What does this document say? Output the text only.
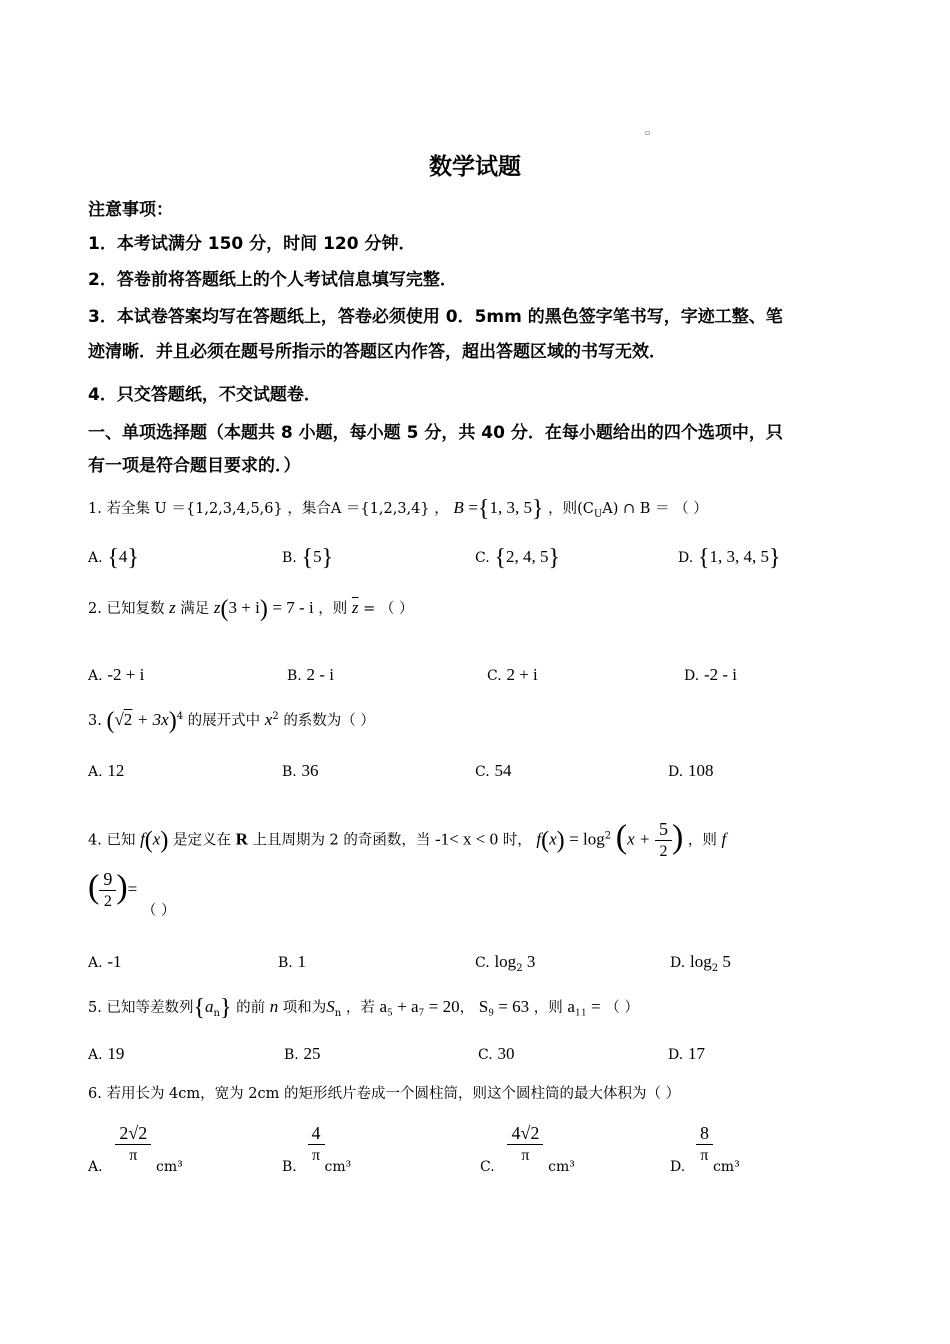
▫
数学试题
注意事项：
1．本考试满分 150 分，时间 120 分钟．
2．答卷前将答题纸上的个人考试信息填写完整．
3．本试卷答案均写在答题纸上，答卷必须使用 0．5mm 的黑色签字笔书写，字迹工整、笔
迹清晰．并且必须在题号所指示的答题区内作答，超出答题区域的书写无效．
4．只交答题纸，不交试题卷．
一、单项选择题（本题共 8 小题，每小题 5 分，共 40 分．在每小题给出的四个选项中，只
有一项是符合题目要求的．）
1. 若全集 U ＝{1,2,3,4,5,6} ，集合A ＝{1,2,3,4} ， B ={1, 3, 5} ，则$(C_UA)$ ∩ B ＝ （ ）
A. {4}	B. {5}	C. {2, 4, 5}	D. {1, 3, 4, 5}
2. 已知复数 z 满足 z(3 + i) = 7 - i ，则 $\overline{z}$ = （ ）
A. -2 + i	B. 2 - i	C. 2 + i	D. -2 - i
3. $(√2 + 3x)^4$ 的展开式中 $x^2$ 的系数为（ ）
A. 12	B. 36	C. 54	D. 108
4. 已知 f(x) 是定义在 R 上且周期为 2 的奇函数，当 -1< x < 0 时， $f(x) = \log^2 (x + \frac{5}{2}$ ) ，则 f
( $\frac{9}{2}$ )= （ ）
A. -1	B. 1	C. $\log_2 3$	D. $\log_2 5$
5. 已知等差数列$\{a_n\}$ 的前 n 项和为$S_n$ ，若 a₅ + a₇ = 20， S₉ = 63 ，则 a₁₁ = （ ）
A. 19	B. 25	C. 30	D. 17
6. 若用长为 4cm，宽为 2cm 的矩形纸片卷成一个圆柱筒，则这个圆柱筒的最大体积为（ ）
A. $\frac{2√2}{\pi} cm^3$	B. $\frac{4}{\pi} cm^3$	C. $\frac{4√2}{\pi} cm^3$	D. $\frac{8}{\pi} cm^3$
